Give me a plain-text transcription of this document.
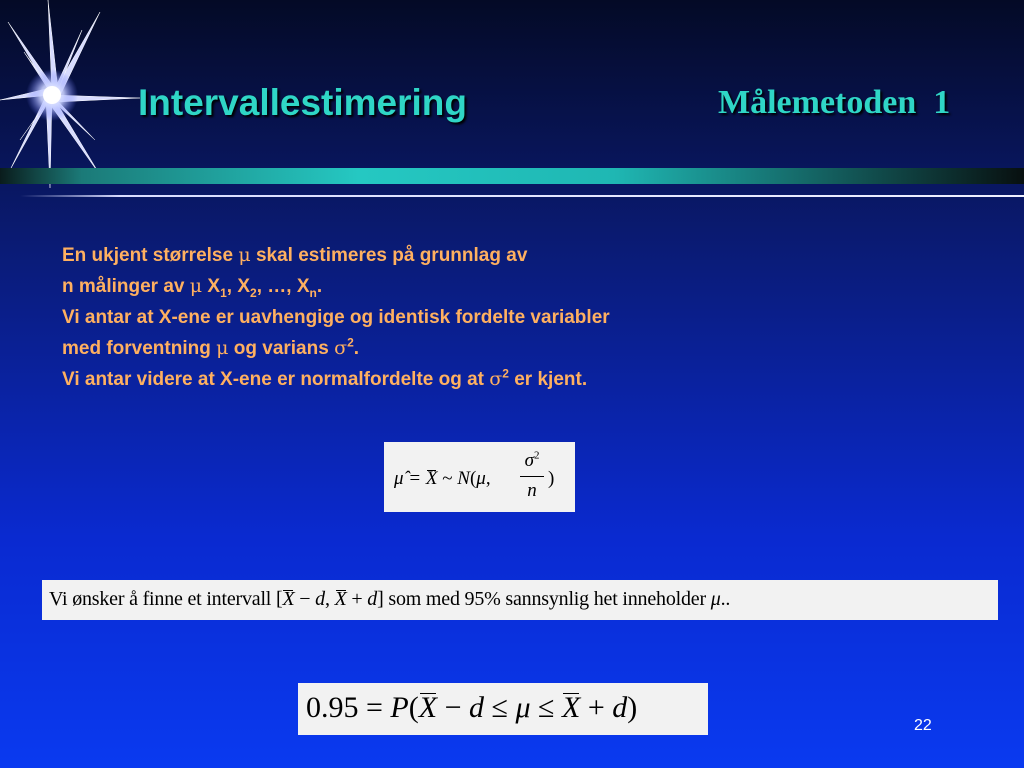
Intervallestimering	Målemetoden  1
En ukjent størrelse μ skal estimeres på grunnlag av
n målinger av μ $X_1$, $X_2$, …, $X_n$.
Vi antar at X-ene er uavhengige og identisk fordelte variabler
med forventning μ og varians $\sigma^2$.
Vi antar videre at X-ene er normalfordelte og at $\sigma^2$ er kjent.
μ̂ = X ~ N(μ,
$\sigma^2$
n
)
Vi ønsker å finne et intervall [X − d, X + d] som med 95% sannsynlig het inneholder μ..
0.95 = P(X − d ≤ μ ≤ X + d)
22
